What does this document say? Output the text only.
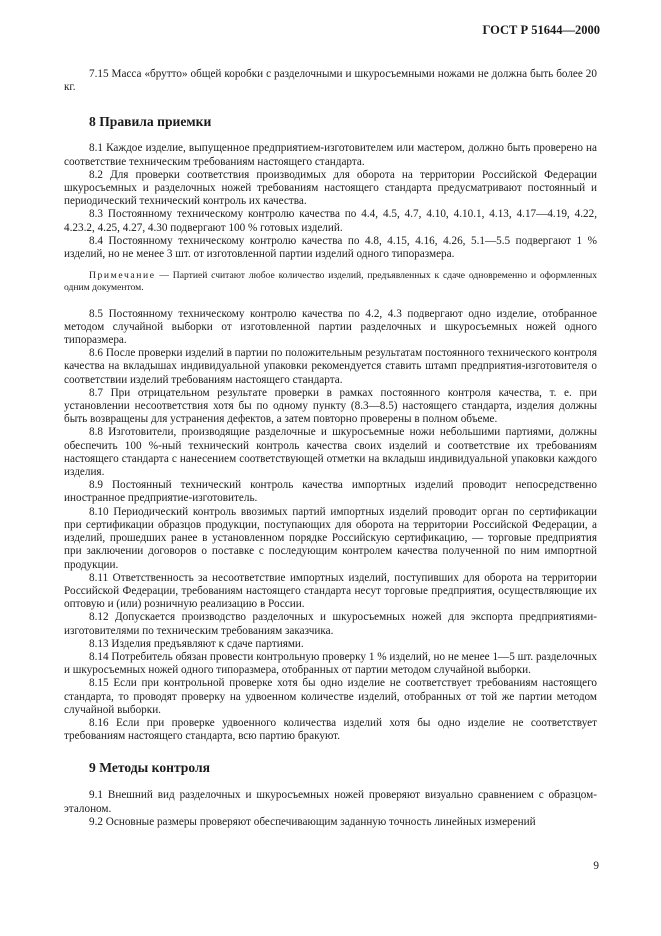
ГОСТ Р 51644—2000

7.15 Масса «брутто» общей коробки с разделочными и шкуросъемными ножами не должна быть более 20 кг.

8 Правила приемки

8.1 Каждое изделие, выпущенное предприятием-изготовителем или мастером, должно быть проверено на соответствие техническим требованиям настоящего стандарта.

8.2 Для проверки соответствия производимых для оборота на территории Российской Федерации шкуросъемных и разделочных ножей требованиям настоящего стандарта предусматривают постоянный и периодический технический контроль их качества.

8.3 Постоянному техническому контролю качества по 4.4, 4.5, 4.7, 4.10, 4.10.1, 4.13, 4.17—4.19, 4.22, 4.23.2, 4.25, 4.27, 4.30 подвергают 100 % готовых изделий.

8.4 Постоянному техническому контролю качества по 4.8, 4.15, 4.16, 4.26, 5.1—5.5 подвергают 1 % изделий, но не менее 3 шт. от изготовленной партии изделий одного типоразмера.

Примечание — Партией считают любое количество изделий, предъявленных к сдаче одновременно и оформленных одним документом.

8.5 Постоянному техническому контролю качества по 4.2, 4.3 подвергают одно изделие, отобранное методом случайной выборки от изготовленной партии разделочных и шкуросъемных ножей одного типоразмера.

8.6 После проверки изделий в партии по положительным результатам постоянного технического контроля качества на вкладышах индивидуальной упаковки рекомендуется ставить штамп предприятия-изготовителя о соответствии изделий требованиям настоящего стандарта.

8.7 При отрицательном результате проверки в рамках постоянного контроля качества, т. е. при установлении несоответствия хотя бы по одному пункту (8.3—8.5) настоящего стандарта, изделия должны быть возвращены для устранения дефектов, а затем повторно проверены в полном объеме.

8.8 Изготовители, производящие разделочные и шкуросъемные ножи небольшими партиями, должны обеспечить 100 %-ный технический контроль качества своих изделий и соответствие их требованиям настоящего стандарта с нанесением соответствующей отметки на вкладыш индивидуальной упаковки каждого изделия.

8.9 Постоянный технический контроль качества импортных изделий проводит непосредственно иностранное предприятие-изготовитель.

8.10 Периодический контроль ввозимых партий импортных изделий проводит орган по сертификации при сертификации образцов продукции, поступающих для оборота на территории Российской Федерации, а изделий, прошедших ранее в установленном порядке Российскую сертификацию, — торговые предприятия при заключении договоров о поставке с последующим контролем качества полученной по ним импортной продукции.

8.11 Ответственность за несоответствие импортных изделий, поступивших для оборота на территории Российской Федерации, требованиям настоящего стандарта несут торговые предприятия, осуществляющие их оптовую и (или) розничную реализацию в России.

8.12 Допускается производство разделочных и шкуросъемных ножей для экспорта предприятиями-изготовителями по техническим требованиям заказчика.

8.13 Изделия предъявляют к сдаче партиями.

8.14 Потребитель обязан провести контрольную проверку 1 % изделий, но не менее 1—5 шт. разделочных и шкуросъемных ножей одного типоразмера, отобранных от партии методом случайной выборки.

8.15 Если при контрольной проверке хотя бы одно изделие не соответствует требованиям настоящего стандарта, то проводят проверку на удвоенном количестве изделий, отобранных от той же партии методом случайной выборки.

8.16 Если при проверке удвоенного количества изделий хотя бы одно изделие не соответствует требованиям настоящего стандарта, всю партию бракуют.

9 Методы контроля

9.1 Внешний вид разделочных и шкуросъемных ножей проверяют визуально сравнением с образцом-эталоном.

9.2 Основные размеры проверяют обеспечивающим заданную точность линейных измерений

9
